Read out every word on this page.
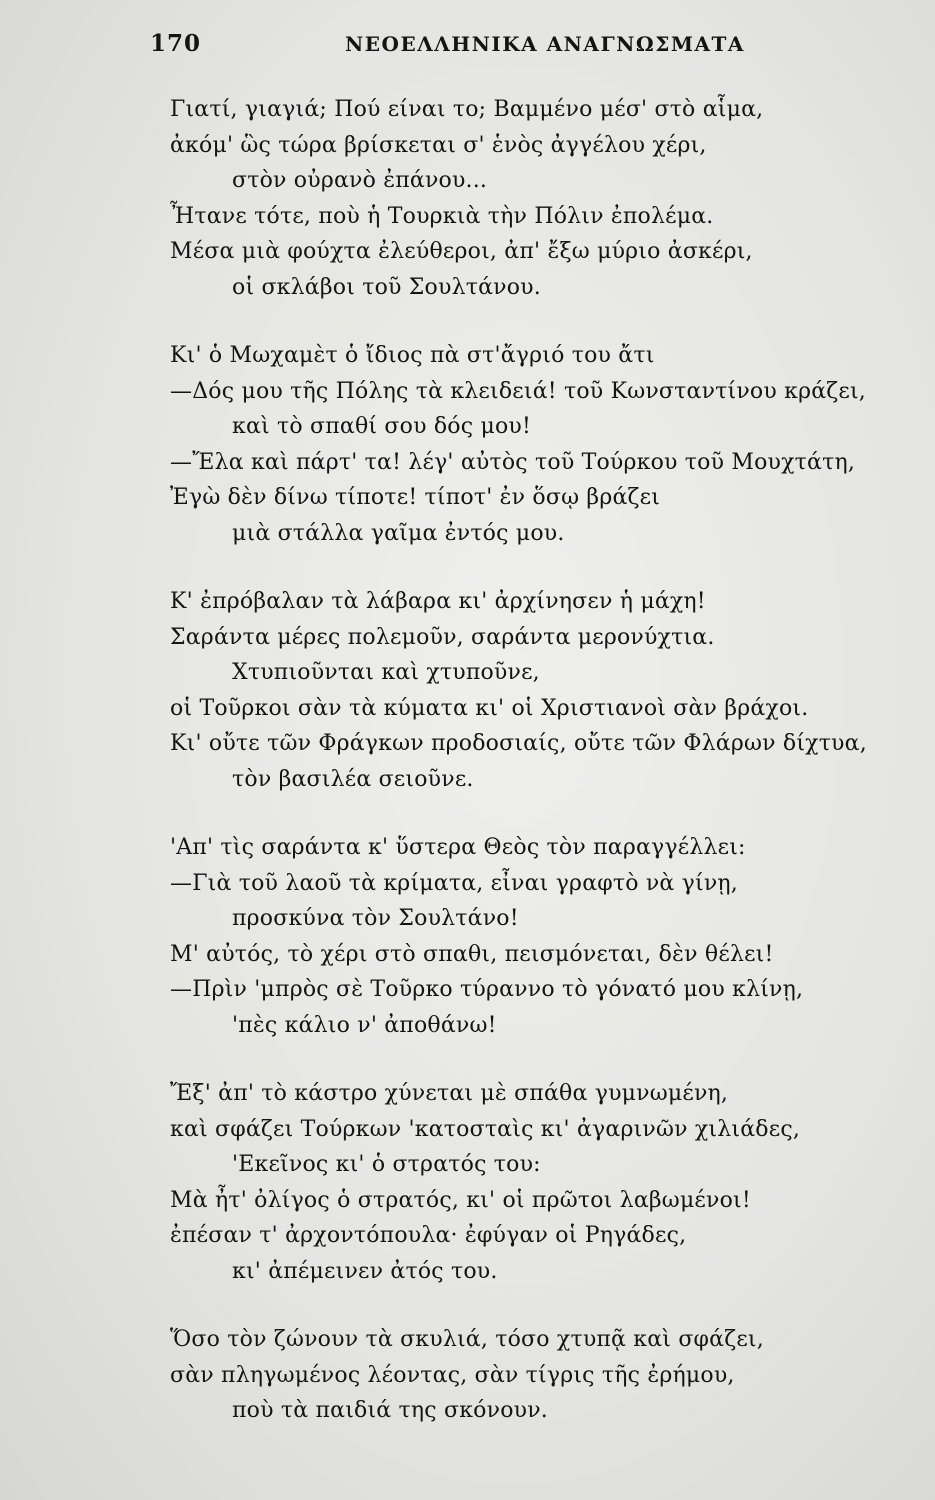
170	ΝΕΟΕΛΛΗΝΙΚΑ ΑΝΑΓΝΩΣΜΑΤΑ
Γιατί, γιαγιά; Πού είναι το; Βαμμένο μέσ' στὸ αἷμα,
ἀκόμ' ὣς τώρα βρίσκεται σ' ἑνὸς ἀγγέλου χέρι,
στὸν οὐρανὸ ἐπάνου...
Ἦτανε τότε, ποὺ ἡ Τουρκιὰ τὴν Πόλιν ἐπολέμα.
Μέσα μιὰ φούχτα ἐλεύθεροι, ἀπ' ἔξω μύριο ἀσκέρι,
οἱ σκλάβοι τοῦ Σουλτάνου.
Κι' ὁ Μωχαμὲτ ὁ ἴδιος πὰ στ'ἄγριό του ἄτι
—Δός μου τῆς Πόλης τὰ κλειδειά! τοῦ Κωνσταντίνου κράζει,
καὶ τὸ σπαθί σου δός μου!
—Ἔλα καὶ πάρτ' τα! λέγ' αὐτὸς τοῦ Τούρκου τοῦ Μουχτάτη,
Ἐγὼ δὲν δίνω τίποτε! τίποτ' ἐν ὅσῳ βράζει
μιὰ στάλλα γαῖμα ἐντός μου.
Κ' ἐπρόβαλαν τὰ λάβαρα κι' ἀρχίνησεν ἡ μάχη!
Σαράντα μέρες πολεμοῦν, σαράντα μερονύχτια.
Χτυπιοῦνται καὶ χτυποῦνε,
οἱ Τοῦρκοι σὰν τὰ κύματα κι' οἱ Χριστιανοὶ σὰν βράχοι.
Κι' οὔτε τῶν Φράγκων προδοσιαίς, οὔτε τῶν Φλάρων δίχτυα,
τὸν βασιλέα σειοῦνε.
'Απ' τὶς σαράντα κ' ὕστερα Θεὸς τὸν παραγγέλλει:
—Γιὰ τοῦ λαοῦ τὰ κρίματα, εἶναι γραφτὸ νὰ γίνῃ,
προσκύνα τὸν Σουλτάνο!
Μ' αὐτός, τὸ χέρι στὸ σπαθι, πεισμόνεται, δὲν θέλει!
—Πρὶν 'μπρὸς σὲ Τοῦρκο τύραννο τὸ γόνατό μου κλίνῃ,
'πὲς κάλιο ν' ἀποθάνω!
Ἔξ' ἀπ' τὸ κάστρο χύνεται μὲ σπάθα γυμνωμένη,
καὶ σφάζει Τούρκων 'κατοσταὶς κι' ἀγαρινῶν χιλιάδες,
'Εκεῖνος κι' ὁ στρατός του:
Μὰ ἦτ' ὀλίγος ὁ στρατός, κι' οἱ πρῶτοι λαβωμένοι!
ἐπέσαν τ' ἀρχοντόπουλα· ἐφύγαν οἱ Ρηγάδες,
κι' ἀπέμεινεν ἀτός του.
Ὅσο τὸν ζώνουν τὰ σκυλιά, τόσο χτυπᾷ καὶ σφάζει,
σὰν πληγωμένος λέοντας, σὰν τίγρις τῆς ἐρήμου,
ποὺ τὰ παιδιά της σκόνουν.
